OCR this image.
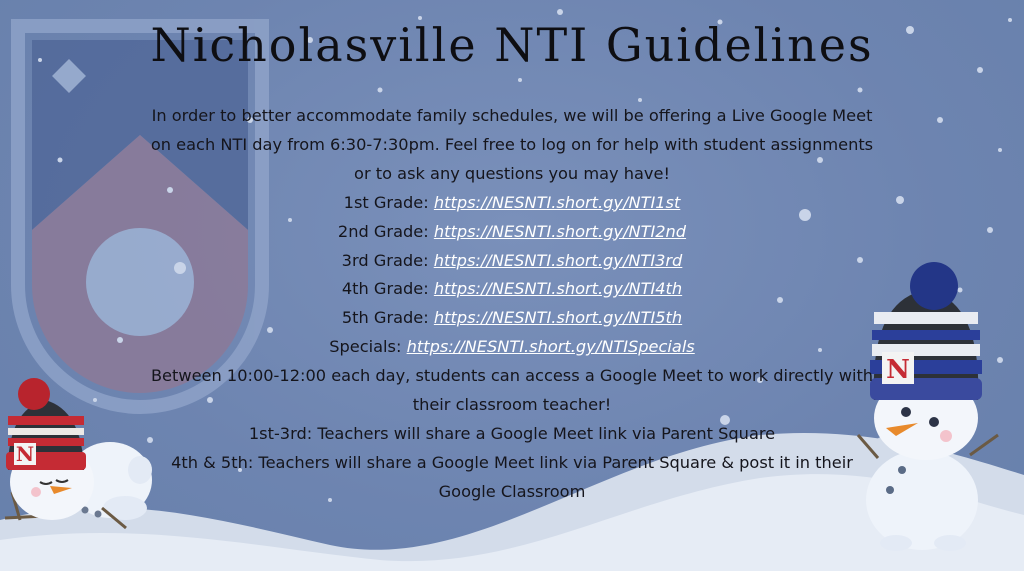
N
N
Nicholasville NTI Guidelines

In order to better accommodate family schedules, we will be offering a Live Google Meet on each NTI day from 6:30-7:30pm. Feel free to log on for help with student assignments or to ask any questions you may have!

1st Grade: https://NESNTI.short.gy/NTI1st

2nd Grade: https://NESNTI.short.gy/NTI2nd

3rd Grade: https://NESNTI.short.gy/NTI3rd

4th Grade: https://NESNTI.short.gy/NTI4th

5th Grade: https://NESNTI.short.gy/NTI5th

Specials: https://NESNTI.short.gy/NTISpecials

Between 10:00-12:00 each day, students can access a Google Meet to work directly with their classroom teacher!

1st-3rd: Teachers will share a Google Meet link via Parent Square

4th & 5th: Teachers will share a Google Meet link via Parent Square & post it in their Google Classroom
